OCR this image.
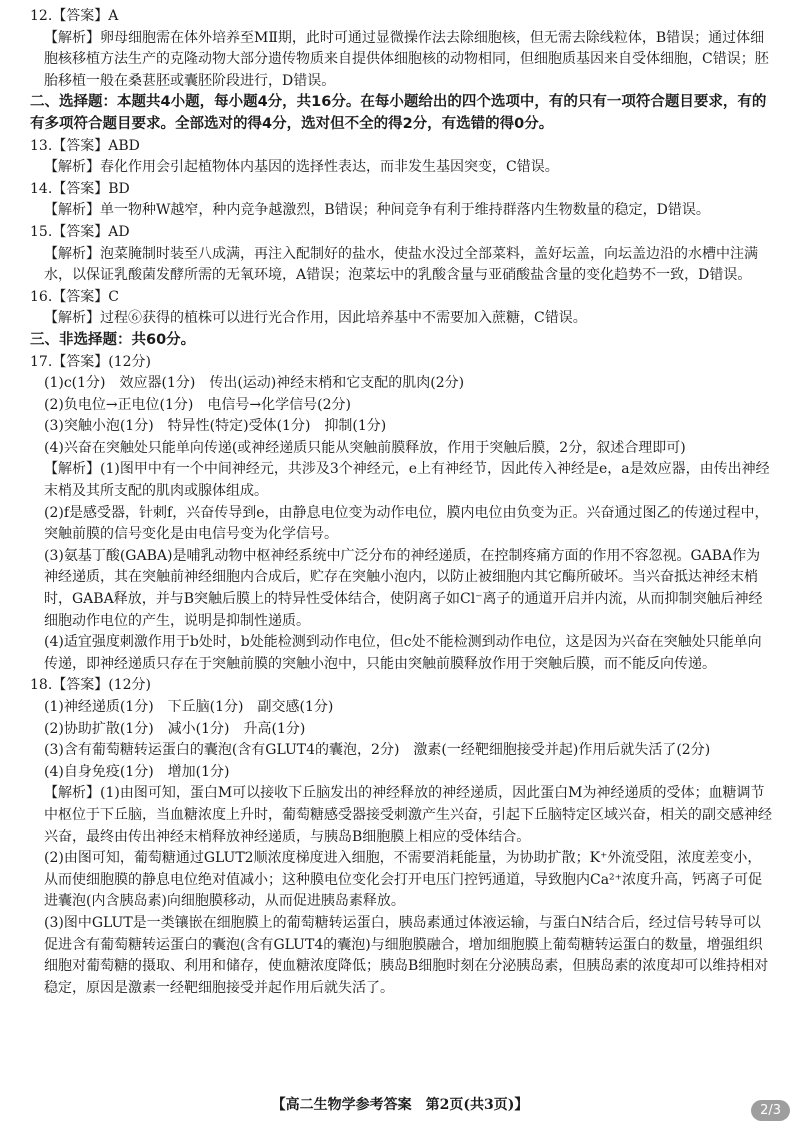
12.【答案】A
【解析】卵母细胞需在体外培养至MⅡ期，此时可通过显微操作法去除细胞核，但无需去除线粒体，B错误；通过体细胞核移植方法生产的克隆动物大部分遗传物质来自提供体细胞核的动物相同，但细胞质基因来自受体细胞，C错误；胚胎移植一般在桑葚胚或囊胚阶段进行，D错误。
二、选择题：本题共4小题，每小题4分，共16分。在每小题给出的四个选项中，有的只有一项符合题目要求，有的有多项符合题目要求。全部选对的得4分，选对但不全的得2分，有选错的得0分。
13.【答案】ABD
【解析】春化作用会引起植物体内基因的选择性表达，而非发生基因突变，C错误。
14.【答案】BD
【解析】单一物种W越窄，种内竞争越激烈，B错误；种间竞争有利于维持群落内生物数量的稳定，D错误。
15.【答案】AD
【解析】泡菜腌制时装至八成满，再注入配制好的盐水，使盐水没过全部菜料，盖好坛盖，向坛盖边沿的水槽中注满水，以保证乳酸菌发酵所需的无氧环境，A错误；泡菜坛中的乳酸含量与亚硝酸盐含量的变化趋势不一致，D错误。
16.【答案】C
【解析】过程⑥获得的植株可以进行光合作用，因此培养基中不需要加入蔗糖，C错误。
三、非选择题：共60分。
17.【答案】(12分)
(1)c(1分)　效应器(1分)　传出(运动)神经末梢和它支配的肌肉(2分)
(2)负电位→正电位(1分)　电信号→化学信号(2分)
(3)突触小泡(1分)　特异性(特定)受体(1分)　抑制(1分)
(4)兴奋在突触处只能单向传递(或神经递质只能从突触前膜释放，作用于突触后膜，2分，叙述合理即可)
【解析】(1)图甲中有一个中间神经元，共涉及3个神经元，e上有神经节，因此传入神经是e，a是效应器，由传出神经末梢及其所支配的肌肉或腺体组成。
(2)f是感受器，针刺f，兴奋传导到e，由静息电位变为动作电位，膜内电位由负变为正。兴奋通过图乙的传递过程中，突触前膜的信号变化是由电信号变为化学信号。
(3)氨基丁酸(GABA)是哺乳动物中枢神经系统中广泛分布的神经递质，在控制疼痛方面的作用不容忽视。GABA作为神经递质，其在突触前神经细胞内合成后，贮存在突触小泡内，以防止被细胞内其它酶所破坏。当兴奋抵达神经末梢时，GABA释放，并与B突触后膜上的特异性受体结合，使阴离子如Cl⁻离子的通道开启并内流，从而抑制突触后神经细胞动作电位的产生，说明是抑制性递质。
(4)适宜强度刺激作用于b处时，b处能检测到动作电位，但c处不能检测到动作电位，这是因为兴奋在突触处只能单向传递，即神经递质只存在于突触前膜的突触小泡中，只能由突触前膜释放作用于突触后膜，而不能反向传递。
18.【答案】(12分)
(1)神经递质(1分)　下丘脑(1分)　副交感(1分)
(2)协助扩散(1分)　减小(1分)　升高(1分)
(3)含有葡萄糖转运蛋白的囊泡(含有GLUT4的囊泡，2分)　激素(一经靶细胞接受并起)作用后就失活了(2分)
(4)自身免疫(1分)　增加(1分)
【解析】(1)由图可知，蛋白M可以接收下丘脑发出的神经释放的神经递质，因此蛋白M为神经递质的受体；血糖调节中枢位于下丘脑，当血糖浓度上升时，葡萄糖感受器接受刺激产生兴奋，引起下丘脑特定区域兴奋，相关的副交感神经兴奋，最终由传出神经末梢释放神经递质，与胰岛B细胞膜上相应的受体结合。
(2)由图可知，葡萄糖通过GLUT2顺浓度梯度进入细胞，不需要消耗能量，为协助扩散；K⁺外流受阻，浓度差变小，从而使细胞膜的静息电位绝对值减小；这种膜电位变化会打开电压门控钙通道，导致胞内Ca²⁺浓度升高，钙离子可促进囊泡(内含胰岛素)向细胞膜移动，从而促进胰岛素释放。
(3)图中GLUT是一类镶嵌在细胞膜上的葡萄糖转运蛋白，胰岛素通过体液运输，与蛋白N结合后，经过信号转导可以促进含有葡萄糖转运蛋白的囊泡(含有GLUT4的囊泡)与细胞膜融合，增加细胞膜上葡萄糖转运蛋白的数量，增强组织细胞对葡萄糖的摄取、利用和储存，使血糖浓度降低；胰岛B细胞时刻在分泌胰岛素，但胰岛素的浓度却可以维持相对稳定，原因是激素一经靶细胞接受并起作用后就失活了。
【高二生物学参考答案　第2页(共3页)】	2/3
